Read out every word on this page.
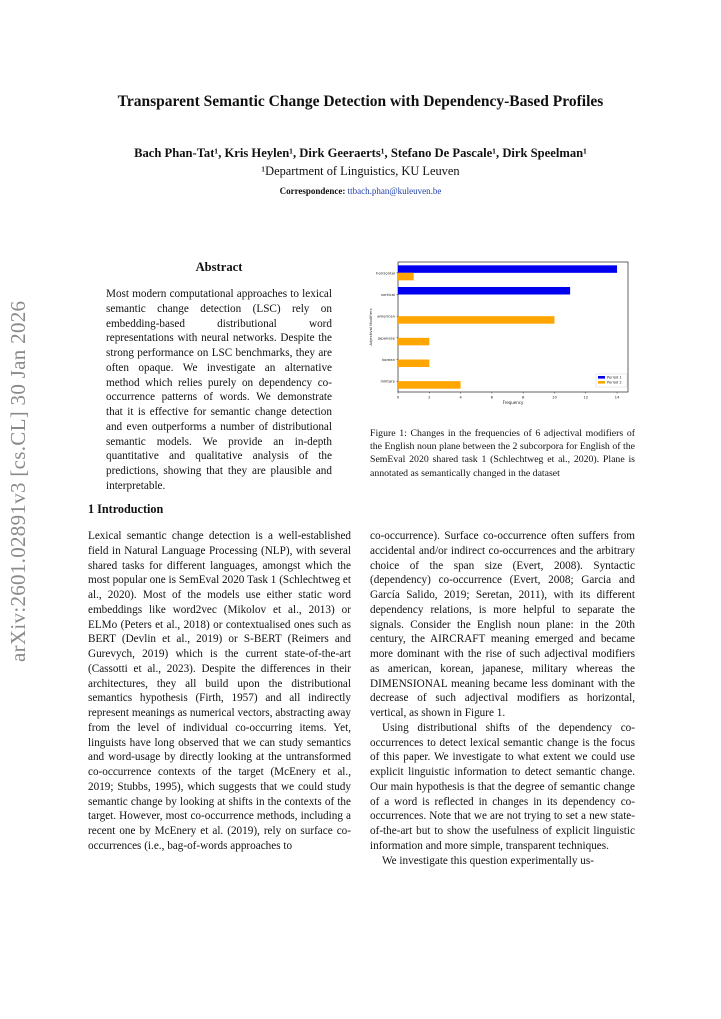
arXiv:2601.02891v3 [cs.CL] 30 Jan 2026
Transparent Semantic Change Detection with Dependency-Based Profiles
Bach Phan-Tat¹, Kris Heylen¹, Dirk Geeraerts¹, Stefano De Pascale¹, Dirk Speelman¹
¹Department of Linguistics, KU Leuven
Correspondence: ttbach.phan@kuleuven.be
Abstract
Most modern computational approaches to lexical semantic change detection (LSC) rely on embedding-based distributional word representations with neural networks. Despite the strong performance on LSC benchmarks, they are often opaque. We investigate an alternative method which relies purely on dependency co-occurrence patterns of words. We demonstrate that it is effective for semantic change detection and even outperforms a number of distributional semantic models. We provide an in-depth quantitative and qualitative analysis of the predictions, showing that they are plausible and interpretable.
1 Introduction

Lexical semantic change detection is a well-established field in Natural Language Processing (NLP), with several shared tasks for different languages, amongst which the most popular one is SemEval 2020 Task 1 (Schlechtweg et al., 2020). Most of the models use either static word embeddings like word2vec (Mikolov et al., 2013) or ELMo (Peters et al., 2018) or contextualised ones such as BERT (Devlin et al., 2019) or S-BERT (Reimers and Gurevych, 2019) which is the current state-of-the-art (Cassotti et al., 2023). Despite the differences in their architectures, they all build upon the distributional semantics hypothesis (Firth, 1957) and all indirectly represent meanings as numerical vectors, abstracting away from the level of individual co-occurring items. Yet, linguists have long observed that we can study semantics and word-usage by directly looking at the untransformed co-occurrence contexts of the target (McEnery et al., 2019; Stubbs, 1995), which suggests that we could study semantic change by looking at shifts in the contexts of the target. However, most co-occurrence methods, including a recent one by McEnery et al. (2019), rely on surface co-occurrences (i.e., bag-of-words approaches to

co-occurrence). Surface co-occurrence often suffers from accidental and/or indirect co-occurrences and the arbitrary choice of the span size (Evert, 2008). Syntactic (dependency) co-occurrence (Evert, 2008; Garcia and García Salido, 2019; Seretan, 2011), with its different dependency relations, is more helpful to separate the signals. Consider the English noun plane: in the 20th century, the AIRCRAFT meaning emerged and became more dominant with the rise of such adjectival modifiers as american, korean, japanese, military whereas the DIMENSIONAL meaning became less dominant with the decrease of such adjectival modifiers as horizontal, vertical, as shown in Figure 1.

Using distributional shifts of the dependency co-occurrences to detect lexical semantic change is the focus of this paper. We investigate to what extent we could use explicit linguistic information to detect semantic change. Our main hypothesis is that the degree of semantic change of a word is reflected in changes in its dependency co-occurrences. Note that we are not trying to set a new state-of-the-art but to show the usefulness of explicit linguistic information and more simple, transparent techniques.

We investigate this question experimentally us-

horizontal
vertical
american
japanese
korean
military
0	2	4	6	8	10	12	14
Frequency
Adjectival Modifiers
Period 1
Period 2
Figure 1: Changes in the frequencies of 6 adjectival modifiers of the English noun plane between the 2 subcorpora for English of the SemEval 2020 shared task 1 (Schlechtweg et al., 2020). Plane is annotated as semantically changed in the dataset
